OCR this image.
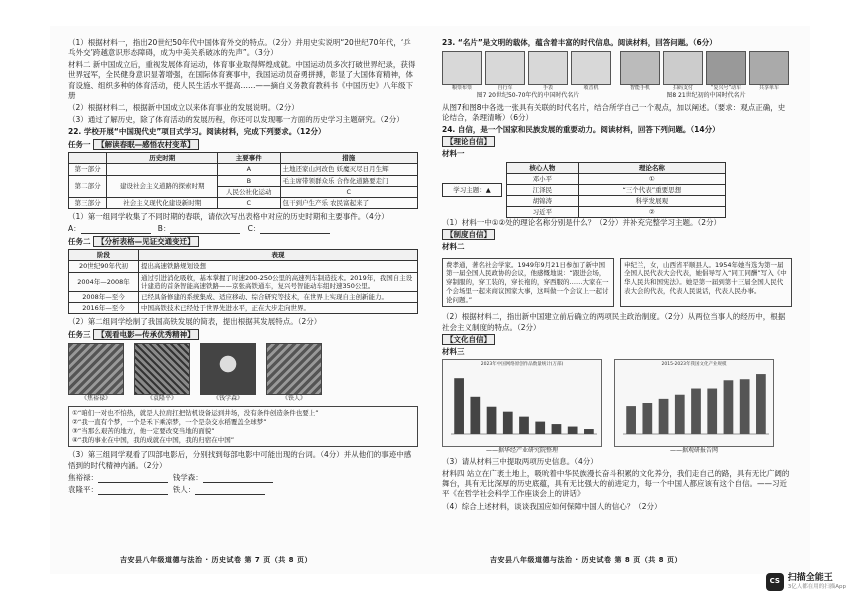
（1）根据材料一，指出20世纪50年代中国体育外交的特点。（2分）并用史实说明“20世纪70年代，‘乒乓外交’跨越意识形态障碍，成为中美关系破冰的先声”。（3分）
材料二 新中国成立后，重视发展体育运动，体育事业取得辉煌成就。中国运动员多次打破世界纪录，获得世界冠军，全民健身意识显著增强，在国际体育赛事中，我国运动员奋勇拼搏，彰显了大国体育精神，体育设施、组织多种的体育活动，使人民生活水平提高……——摘自义务教育教科书《中国历史》八年级下册
（2）根据材料二，根据新中国成立以来体育事业的发展说明。（2分）
（3）通过了解历史，除了体育活动的发展历程，你还可以发现哪一方面的历史学习主题研究。（2分）
22. 学校开展“中国现代史”项目式学习。阅读材料，完成下列要求。（12分）
任务一 【解读春眠—感悟农村变革】
	历史时期	主要事件	措施
第一部分		A	土地还家山河改色 妖魔灭尽日月生辉
第二部分	建设社会主义道路的探索时期	B	毛主席带领群众乐 合作化道路要走门
		人民公社化运动	C
第三部分	社会主义现代化建设新时期	C	包干到户生产乐 农民富起来了
（1）第一组同学收集了不同时期的春联，请依次写出表格中对应的历史时期和主要事件。（4分）
A：	B：	C：
任务二 【分析表格—见证交通变迁】
阶段	表现
20世纪90年代初	提出高速铁路规划设想
2004年—2008年	通过引进消化吸收，基本掌握了时速200-250公里的高速列车制造技术。2019年，我国自主设计建造的首条智能高速铁路——京张高铁通车，复兴号智能动车组时速350公里。
2008年—至今	已经具备修建的系统集成、适应移动、综合研究等技术，在世界上实现自主创新能力。
2016年—至今	中国高铁技术已经处于世界先进水平，正在大步走向世界。
（2）第二组同学绘制了我国高铁发展的简表，提出根据其发展特点。（2分）
任务三 【观看电影—传承优秀精神】
《焦裕禄》	《袁隆平》	《钱学森》	《铁人》
①“咱们一对也不怕热，就是人拉肩扛把钻机设备运到井场，没有条件创造条件也要上”
②“我一直有个梦，一个是禾下乘凉梦，一个是杂交水稻覆盖全球梦”
③“当那么艰苦的地方，他一定要改变当地的面貌”
④“我的事业在中国，我的成就在中国，我的归宿在中国”
（3）第三组同学观看了四部电影后，分别找到每部电影中可能出现的台词。（4分）并从他们的事迹中感悟到的时代精神内涵。（2分）
焦裕禄：	钱学森：
袁隆平：	铁人：
吉安县八年级道德与法治 · 历史试卷 第 7 页（共 8 页）
23. “名片”是文明的载体，蕴含着丰富的时代信息。阅读材料，回答问题。（6分）
粮票布票	自行车	手表	收音机
图7 20世纪50-70年代的中国时代名片
智能手机	扫码支付	“复兴号”动车	共享单车
图8 21世纪初的中国时代名片
从图7和图8中各选一张具有关联的时代名片，结合所学自己一个观点，加以阐述。（要求：观点正确，史论结合，条理清晰）（6分）
24. 自信，是一个国家和民族发展的重要动力。阅读材料，回答下列问题。（14分）
【理论自信】
材料一
学习主题：▲
核心人物	理论名称
邓小平	①
江泽民	“三个代表”重要思想
胡锦涛	科学发展观
习近平	②
（1）材料一中①②处的理论名称分别是什么？（2分）并补充完整学习主题。（2分）
【制度自信】
材料二
费孝通，著名社会学家。1949年9月21日参加了新中国第一届全国人民政协的会议，他感慨地说：“跟进会场，穿制服的，穿工装的，穿长袍的，穿西服的……大家在一个会场里一起来商议国家大事，这叫做一个会议上一起讨论问题。”
申纪兰，女，山西省平顺县人。1954年她当选为第一届全国人民代表大会代表，她倡导写入“同工同酬”写入《中华人民共和国宪法》。她是第一届到第十三届全国人民代表大会的代表，代表人民说话，代表人民办事。
（2）根据材料二，指出新中国建立前后确立的两项民主政治制度。（2分）从两位当事人的经历中，根据社会主义制度的特点。（2分）
【文化自信】
材料三
2023年中国网络原创作品数量统计(万部)
——据华经产业研究院整理
2015-2023年我国文化产业规模
——据观研报告网
（3）请从材料三中提取两项历史信息。（4分）
材料四 站立在广袤土地上，吸吮着中华民族漫长奋斗积累的文化养分，我们走自己的路，具有无比广阔的舞台，具有无比深厚的历史底蕴，具有无比强大的前进定力，每一个中国人都应该有这个自信。——习近平《在哲学社会科学工作座谈会上的讲话》
（4）综合上述材料，谈谈我国应如何保障中国人的信心？（2分）
吉安县八年级道德与法治 · 历史试卷 第 8 页（共 8 页）
CS 扫描全能王
3亿人都在用的扫描App
